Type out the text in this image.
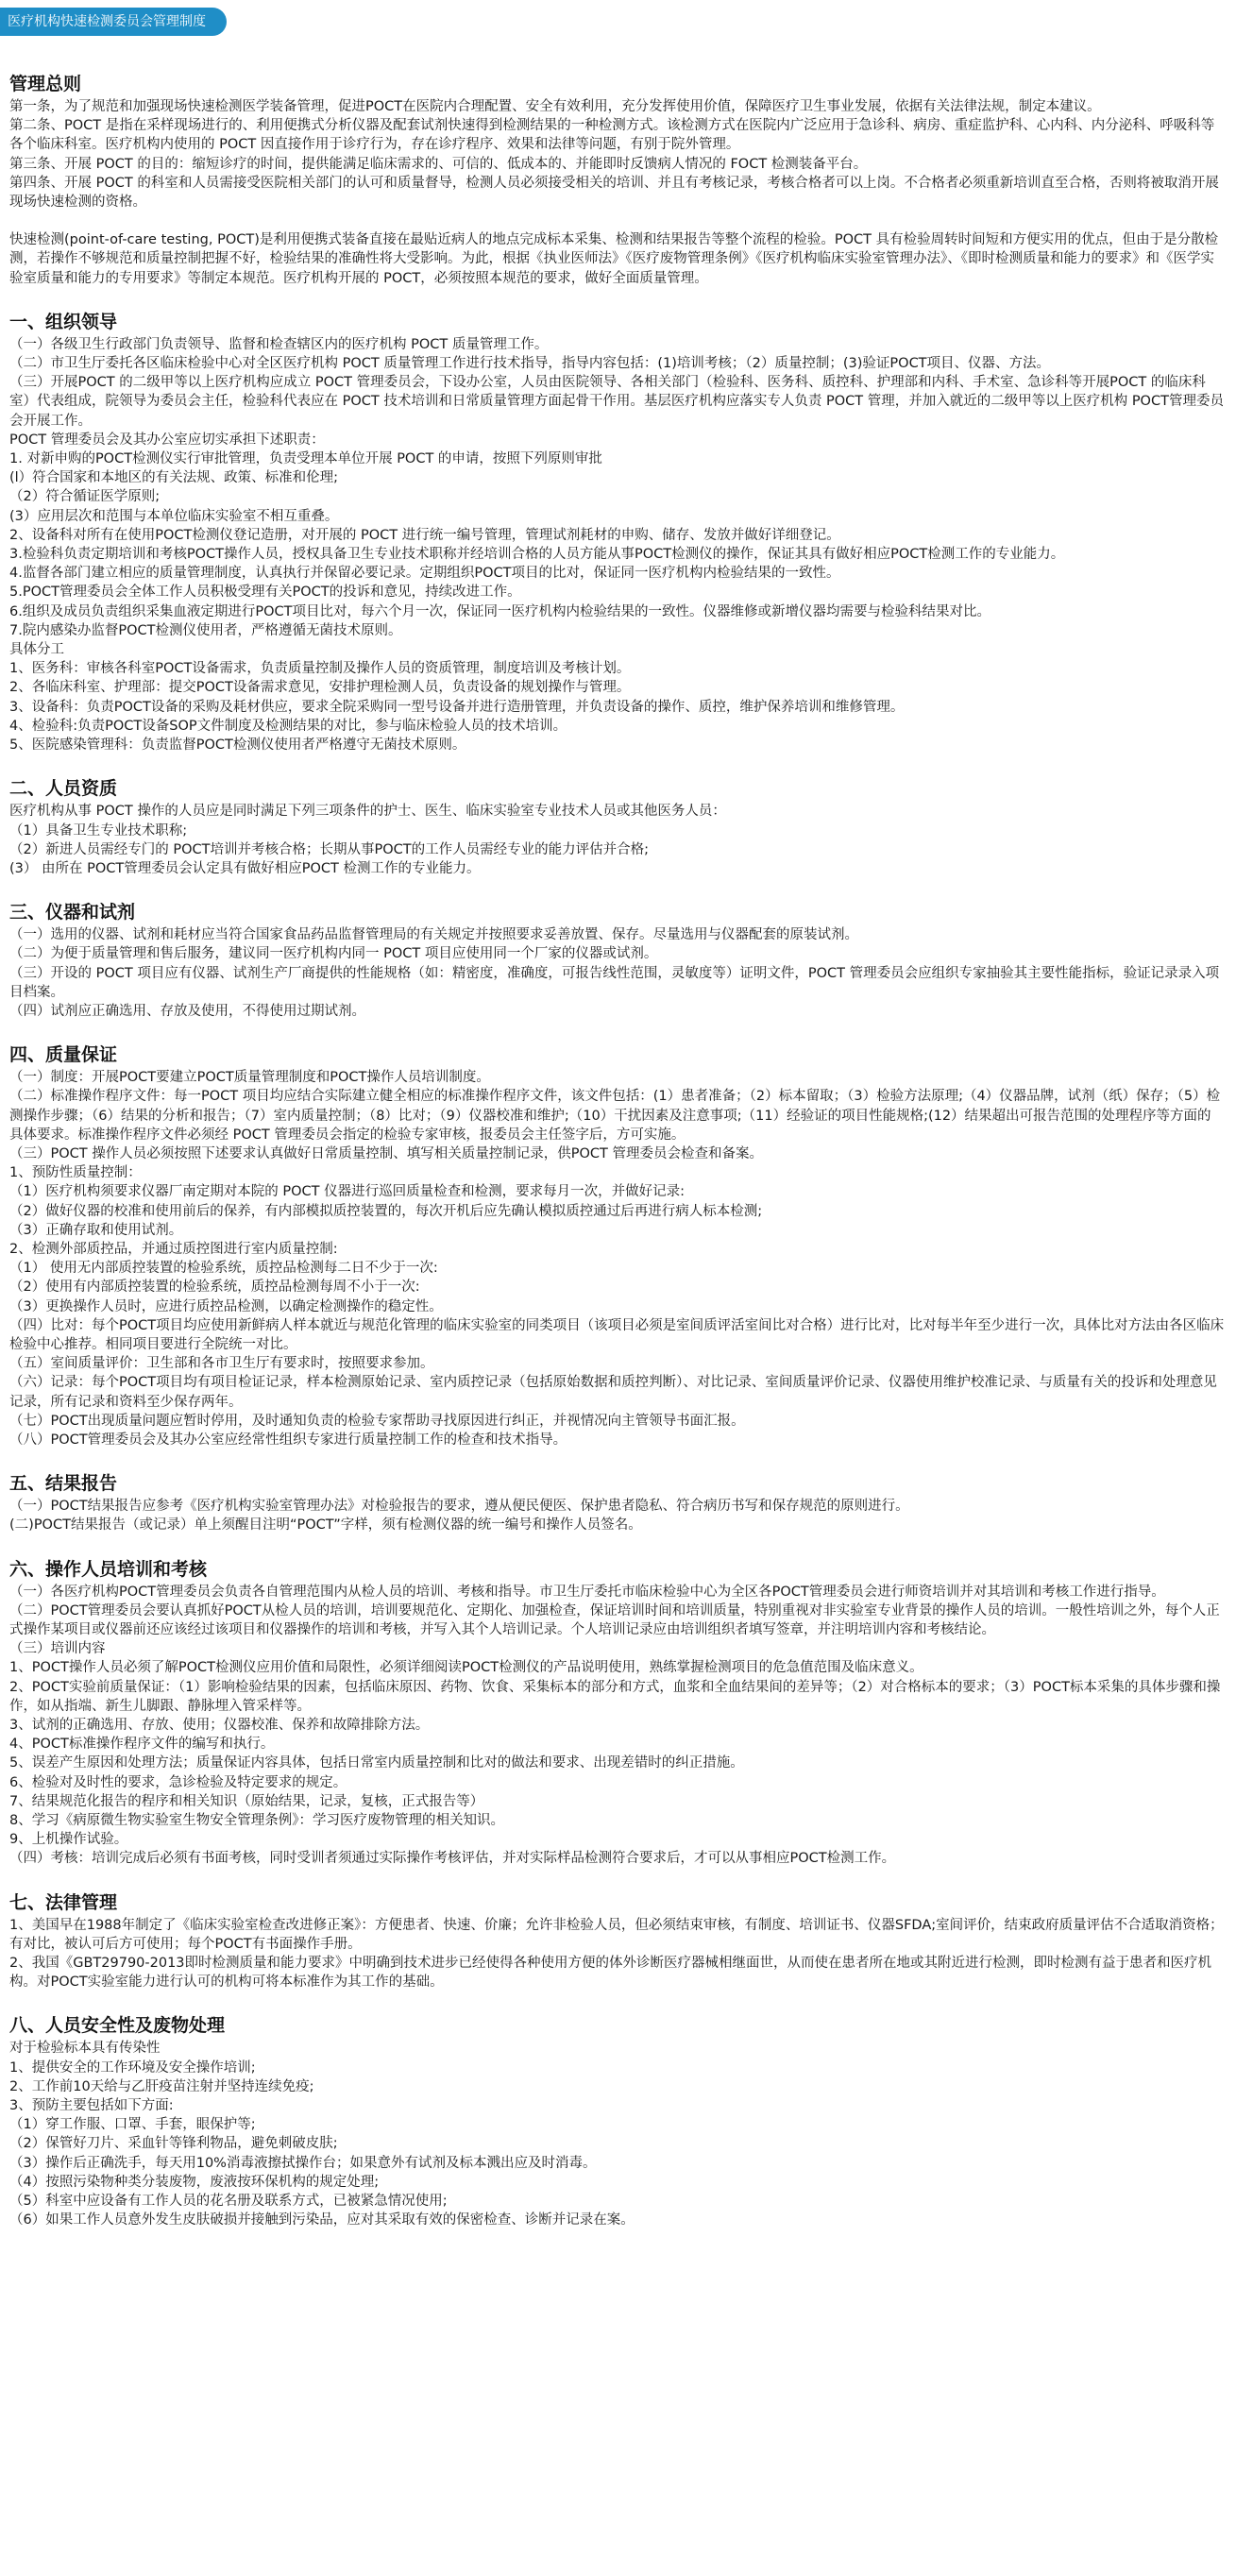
医疗机构快速检测委员会管理制度
管理总则

第一条，为了规范和加强现场快速检测医学装备管理，促进POCT在医院内合理配置、安全有效利用，充分发挥使用价值，保障医疗卫生事业发展，依据有关法律法规，制定本建议。

第二条、POCT 是指在采样现场进行的、利用便携式分析仪器及配套试剂快速得到检测结果的一种检测方式。该检测方式在医院内广泛应用于急诊科、病房、重症监护科、心内科、内分泌科、呼吸科等各个临床科室。医疗机构内使用的 POCT 因直接作用于诊疗行为，存在诊疗程序、效果和法律等问题，有别于院外管理。

第三条、开展 POCT 的目的：缩短诊疗的时间，提供能满足临床需求的、可信的、低成本的、并能即时反馈病人情况的 FOCT 检测装备平台。

第四条、开展 POCT 的科室和人员需接受医院相关部门的认可和质量督导，检测人员必须接受相关的培训、并且有考核记录，考核合格者可以上岗。不合格者必须重新培训直至合格，否则将被取消开展现场快速检测的资格。

快速检测(point-of-care testing, POCT)是利用便携式装备直接在最贴近病人的地点完成标本采集、检测和结果报告等整个流程的检验。POCT 具有检验周转时间短和方便实用的优点，但由于是分散检测，若操作不够规范和质量控制把握不好，检验结果的准确性将大受影响。为此，根据《执业医师法》《医疗废物管理条例》《医疗机构临床实验室管理办法》、《即时检测质量和能力的要求》和《医学实验室质量和能力的专用要求》等制定本规范。医疗机构开展的 POCT，必须按照本规范的要求，做好全面质量管理。

一、组织领导

（一）各级卫生行政部门负责领导、监督和检查辖区内的医疗机构 POCT 质量管理工作。

（二）市卫生厅委托各区临床检验中心对全区医疗机构 POCT 质量管理工作进行技术指导，指导内容包括：(1)培训考核；（2）质量控制；(3)验证POCT项目、仪器、方法。

（三）开展POCT 的二级甲等以上医疗机构应成立 POCT 管理委员会，下设办公室，人员由医院领导、各相关部门（检验科、医务科、质控科、护理部和内科、手术室、急诊科等开展POCT 的临床科室）代表组成，院领导为委员会主任，检验科代表应在 POCT 技术培训和日常质量管理方面起骨干作用。基层医疗机构应落实专人负责 POCT 管理，并加入就近的二级甲等以上医疗机构 POCT管理委员会开展工作。

POCT 管理委员会及其办公室应切实承担下述职责：

1. 对新申购的POCT检测仪实行审批管理，负责受理本单位开展 POCT 的申请，按照下列原则审批

(l）符合国家和本地区的有关法规、政策、标准和伦理;

（2）符合循证医学原则;

(3）应用层次和范围与本单位临床实验室不相互重叠。

2、设备科对所有在使用POCT检测仪登记造册，对开展的 POCT 进行统一编号管理，管理试剂耗材的申购、储存、发放并做好详细登记。

3.检验科负责定期培训和考核POCT操作人员，授权具备卫生专业技术职称并经培训合格的人员方能从事POCT检测仪的操作，保证其具有做好相应POCT检测工作的专业能力。

4.监督各部门建立相应的质量管理制度，认真执行并保留必要记录。定期组织POCT项目的比对，保证同一医疗机构内检验结果的一致性。

5.POCT管理委员会全体工作人员积极受理有关POCT的投诉和意见，持续改进工作。

6.组织及成员负责组织采集血液定期进行POCT项目比对，每六个月一次，保证同一医疗机构内检验结果的一致性。仪器维修或新增仪器均需要与检验科结果对比。

7.院内感染办监督POCT检测仪使用者，严格遵循无菌技术原则。

具体分工

1、医务科：审核各科室POCT设备需求，负责质量控制及操作人员的资质管理，制度培训及考核计划。

2、各临床科室、护理部：提交POCT设备需求意见，安排护理检测人员，负责设备的规划操作与管理。

3、设备科：负责POCT设备的采购及耗材供应，要求全院采购同一型号设备并进行造册管理，并负责设备的操作、质控，维护保养培训和维修管理。

4、检验科:负责POCT设备SOP文件制度及检测结果的对比，参与临床检验人员的技术培训。

5、医院感染管理科：负责监督POCT检测仪使用者严格遵守无菌技术原则。

二、人员资质

医疗机构从事 POCT 操作的人员应是同时满足下列三项条件的护士、医生、临床实验室专业技术人员或其他医务人员：

（1）具备卫生专业技术职称;

（2）新进人员需经专门的 POCT培训并考核合格；长期从事POCT的工作人员需经专业的能力评估并合格;

(3） 由所在 POCT管理委员会认定具有做好相应POCT 检测工作的专业能力。

三、仪器和试剂

（一）选用的仪器、试剂和耗材应当符合国家食品药品监督管理局的有关规定并按照要求妥善放置、保存。尽量选用与仪器配套的原装试剂。

（二）为便于质量管理和售后服务，建议同一医疗机构内同一 POCT 项目应使用同一个厂家的仪器或试剂。

（三）开设的 POCT 项目应有仪器、试剂生产厂商提供的性能规格（如：精密度，准确度，可报告线性范围，灵敏度等）证明文件，POCT 管理委员会应组织专家抽验其主要性能指标，验证记录录入项目档案。

（四）试剂应正确选用、存放及使用，不得使用过期试剂。

四、质量保证

（一）制度：开展POCT要建立POCT质量管理制度和POCT操作人员培训制度。

（二）标准操作程序文件：每一POCT 项目均应结合实际建立健全相应的标准操作程序文件，该文件包括：(1）患者准备；（2）标本留取；（3）检验方法原理;（4）仪器品牌，试剂（纸）保存；（5）检测操作步骤；（6）结果的分析和报告；（7）室内质量控制；（8）比对；（9）仪器校准和维护;（10）干扰因素及注意事项;（11）经验证的项目性能规格;(12）结果超出可报告范围的处理程序等方面的具体要求。标准操作程序文件必须经 POCT 管理委员会指定的检验专家审核，报委员会主任签字后，方可实施。

（三）POCT 操作人员必须按照下述要求认真做好日常质量控制、填写相关质量控制记录，供POCT 管理委员会检查和备案。

1、预防性质量控制：

（1）医疗机构须要求仪器厂南定期对本院的 POCT 仪器进行巡回质量检查和检测，要求每月一次，并做好记录:

（2）做好仪器的校准和使用前后的保养，有内部模拟质控装置的，每次开机后应先确认模拟质控通过后再进行病人标本检测;

（3）正确存取和使用试剂。

2、检测外部质控品，并通过质控图进行室内质量控制:

（1） 使用无内部质控装置的检验系统，质控品检测每二日不少于一次:

（2）使用有内部质控装置的检验系统，质控品检测每周不小于一次:

（3）更换操作人员时，应进行质控品检测，以确定检测操作的稳定性。

（四）比对：每个POCT项目均应使用新鲜病人样本就近与规范化管理的临床实验室的同类项目（该项目必须是室间质评活室间比对合格）进行比对，比对每半年至少进行一次，具体比对方法由各区临床检验中心推荐。相同项目要进行全院统一对比。

（五）室间质量评价：卫生部和各市卫生厅有要求时，按照要求参加。

（六）记录：每个POCT项目均有项目检证记录，样本检测原始记录、室内质控记录（包括原始数据和质控判断）、对比记录、室间质量评价记录、仪器使用维护校准记录、与质量有关的投诉和处理意见记录，所有记录和资料至少保存两年。

（七）POCT出现质量问题应暂时停用，及时通知负责的检验专家帮助寻找原因进行纠正，并视情况向主管领导书面汇报。

（八）POCT管理委员会及其办公室应经常性组织专家进行质量控制工作的检查和技术指导。

五、结果报告

（一）POCT结果报告应参考《医疗机构实验室管理办法》对检验报告的要求，遵从便民便医、保护患者隐私、符合病历书写和保存规范的原则进行。

(二)POCT结果报告（或记录）单上须醒目注明“POCT”字样，须有检测仪器的统一编号和操作人员签名。

六、操作人员培训和考核

（一）各医疗机构POCT管理委员会负责各自管理范围内从检人员的培训、考核和指导。市卫生厅委托市临床检验中心为全区各POCT管理委员会进行师资培训并对其培训和考核工作进行指导。

（二）POCT管理委员会要认真抓好POCT从检人员的培训，培训要规范化、定期化、加强检查，保证培训时间和培训质量，特别重视对非实验室专业背景的操作人员的培训。一般性培训之外，每个人正式操作某项目或仪器前还应该经过该项目和仪器操作的培训和考核，并写入其个人培训记录。个人培训记录应由培训组织者填写签章，并注明培训内容和考核结论。

（三）培训内容

1、POCT操作人员必须了解POCT检测仪应用价值和局限性，必须详细阅读POCT检测仪的产品说明使用，熟练掌握检测项目的危急值范围及临床意义。

2、POCT实验前质量保证：（1）影响检验结果的因素，包括临床原因、药物、饮食、采集标本的部分和方式，血浆和全血结果间的差异等；（2）对合格标本的要求；（3）POCT标本采集的具体步骤和操作，如从指端、新生儿脚跟、静脉埋入管采样等。

3、试剂的正确选用、存放、使用；仪器校准、保养和故障排除方法。

4、POCT标准操作程序文件的编写和执行。

5、误差产生原因和处理方法；质量保证内容具体，包括日常室内质量控制和比对的做法和要求、出现差错时的纠正措施。

6、检验对及时性的要求，急诊检验及特定要求的规定。

7、结果规范化报告的程序和相关知识（原始结果，记录，复核，正式报告等）

8、学习《病原微生物实验室生物安全管理条例》：学习医疗废物管理的相关知识。

9、上机操作试验。

（四）考核：培训完成后必须有书面考核，同时受训者须通过实际操作考核评估，并对实际样品检测符合要求后，才可以从事相应POCT检测工作。

七、法律管理

1、美国早在1988年制定了《临床实验室检查改进修正案》：方便患者、快速、价廉；允许非检验人员，但必须结束审核，有制度、培训证书、仪器SFDA;室间评价，结束政府质量评估不合适取消资格；有对比，被认可后方可使用；每个POCT有书面操作手册。

2、我国《GBT29790-2013即时检测质量和能力要求》中明确到技术进步已经使得各种使用方便的体外诊断医疗器械相继面世，从而使在患者所在地或其附近进行检测，即时检测有益于患者和医疗机构。对POCT实验室能力进行认可的机构可将本标准作为其工作的基础。

八、人员安全性及废物处理

对于检验标本具有传染性

1、提供安全的工作环境及安全操作培训;

2、工作前10天给与乙肝疫苗注射并坚持连续免疫;

3、预防主要包括如下方面:

（1）穿工作服、口罩、手套，眼保护等;

（2）保管好刀片、采血针等锋利物品，避免刺破皮肤;

（3）操作后正确洗手，每天用10%消毒液擦拭操作台；如果意外有试剂及标本溅出应及时消毒。

（4）按照污染物种类分装废物，废液按环保机构的规定处理;

（5）科室中应设备有工作人员的花名册及联系方式，已被紧急情况使用;

（6）如果工作人员意外发生皮肤破损并接触到污染品，应对其采取有效的保密检查、诊断并记录在案。
